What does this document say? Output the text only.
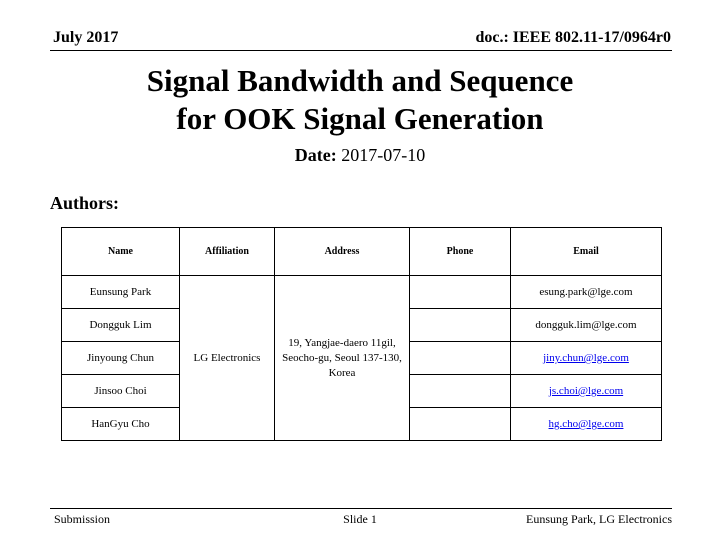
July 2017	doc.: IEEE 802.11-17/0964r0
Signal Bandwidth and Sequence
for OOK Signal Generation
Date: 2017-07-10
Authors:
Name	Affiliation	Address	Phone	Email
Eunsung Park	LG Electronics	19, Yangjae-daero 11gil, Seocho-gu, Seoul 137-130, Korea		esung.park@lge.com
Dongguk Lim				dongguk.lim@lge.com
Jinyoung Chun				jiny.chun@lge.com
Jinsoo Choi				js.choi@lge.com
HanGyu Cho				hg.cho@lge.com
Submission	Slide 1	Eunsung Park, LG Electronics
